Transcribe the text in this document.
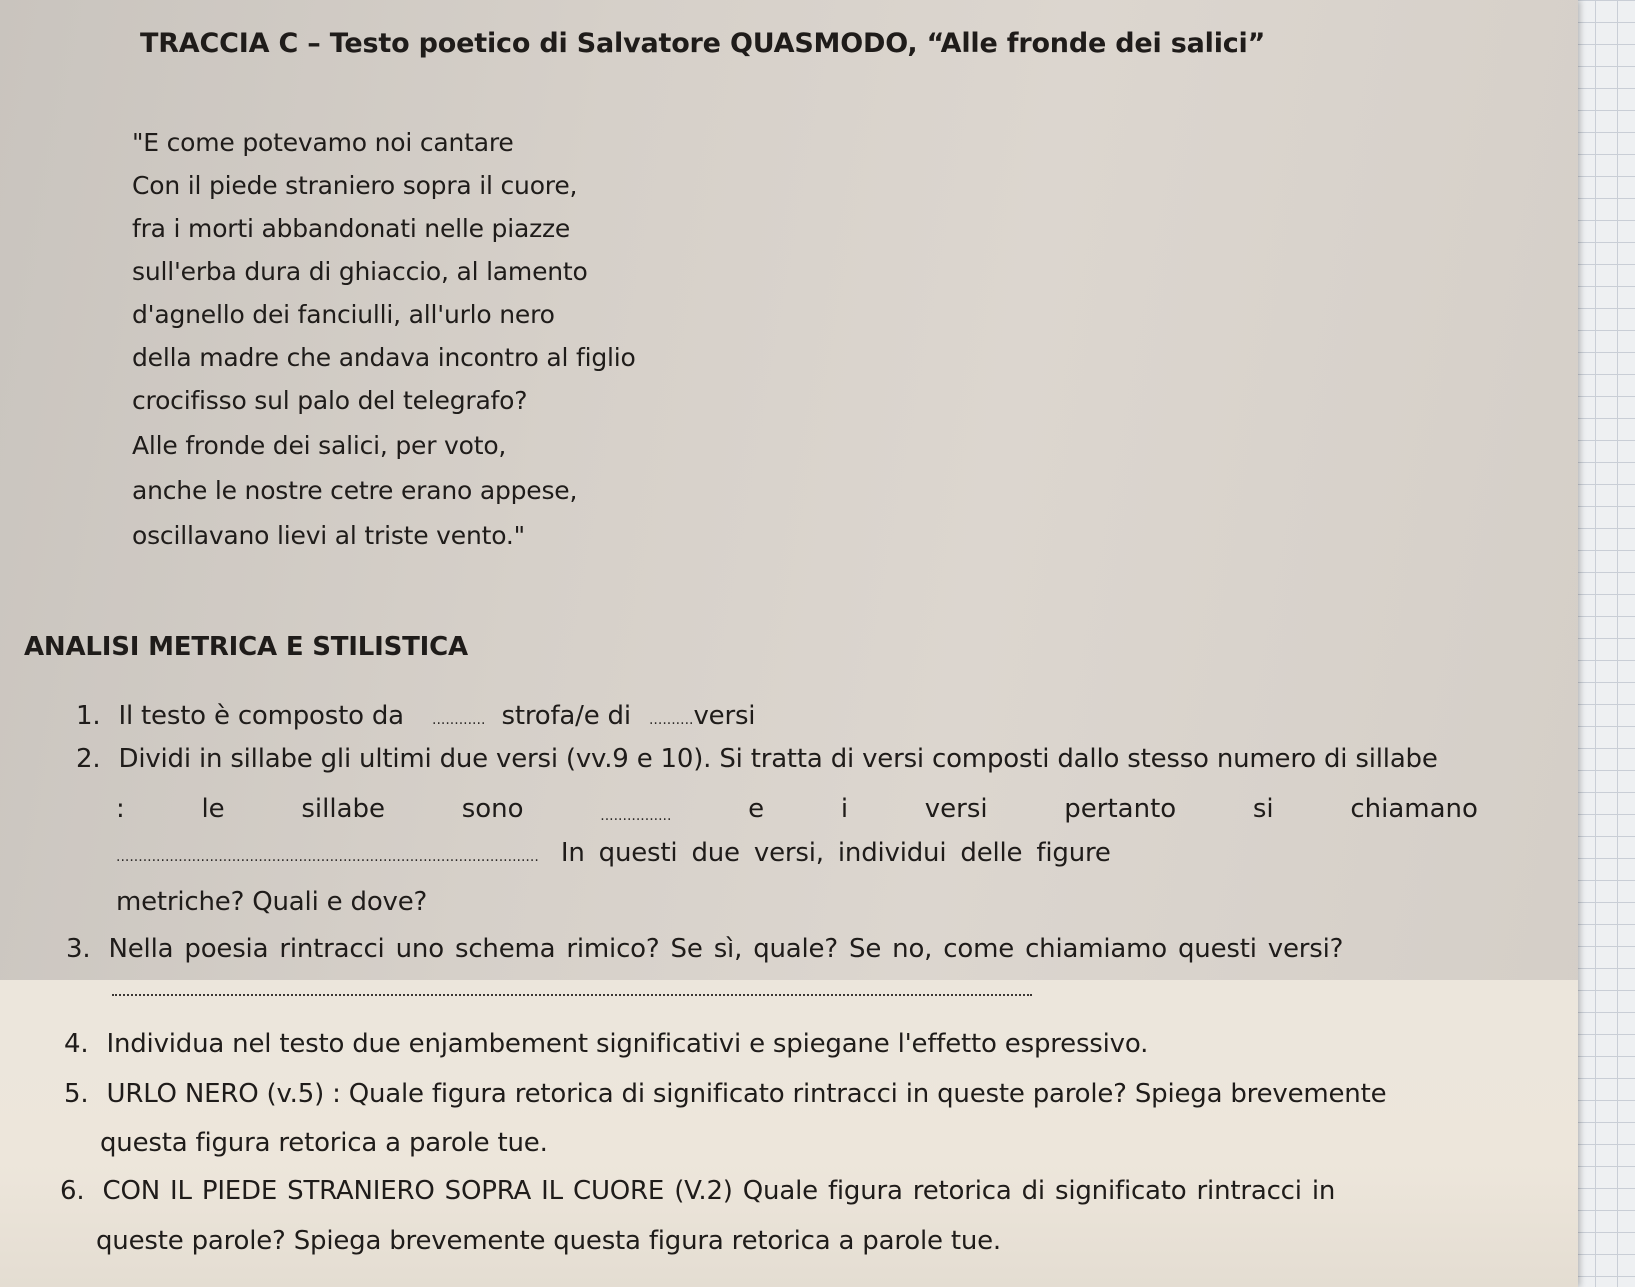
TRACCIA C – Testo poetico di Salvatore QUASMODO, “Alle fronde dei salici”
"E come potevamo noi cantare
Con il piede straniero sopra il cuore,
fra i morti abbandonati nelle piazze
sull'erba dura di ghiaccio, al lamento
d'agnello dei fanciulli, all'urlo nero
della madre che andava incontro al figlio
crocifisso sul palo del telegrafo?
Alle fronde dei salici, per voto,
anche le nostre cetre erano appese,
oscillavano lievi al triste vento."
ANALISI METRICA E STILISTICA
1. Il testo è composto da ............ strofa/e di ..........versi
2. Dividi in sillabe gli ultimi due versi (vv.9 e 10). Si tratta di versi composti dallo stesso numero di sillabe
:	le	sillabe	sono	................	e	i	versi	pertanto	si	chiamano
............................................................................................... In questi due versi, individui delle figure
metriche? Quali e dove?
3. Nella poesia rintracci uno schema rimico? Se sì, quale? Se no, come chiamiamo questi versi?
4. Individua nel testo due enjambement significativi e spiegane l'effetto espressivo.
5. URLO NERO (v.5) : Quale figura retorica di significato rintracci in queste parole? Spiega brevemente
questa figura retorica a parole tue.
6. CON IL PIEDE STRANIERO SOPRA IL CUORE (V.2) Quale figura retorica di significato rintracci in
queste parole? Spiega brevemente questa figura retorica a parole tue.
